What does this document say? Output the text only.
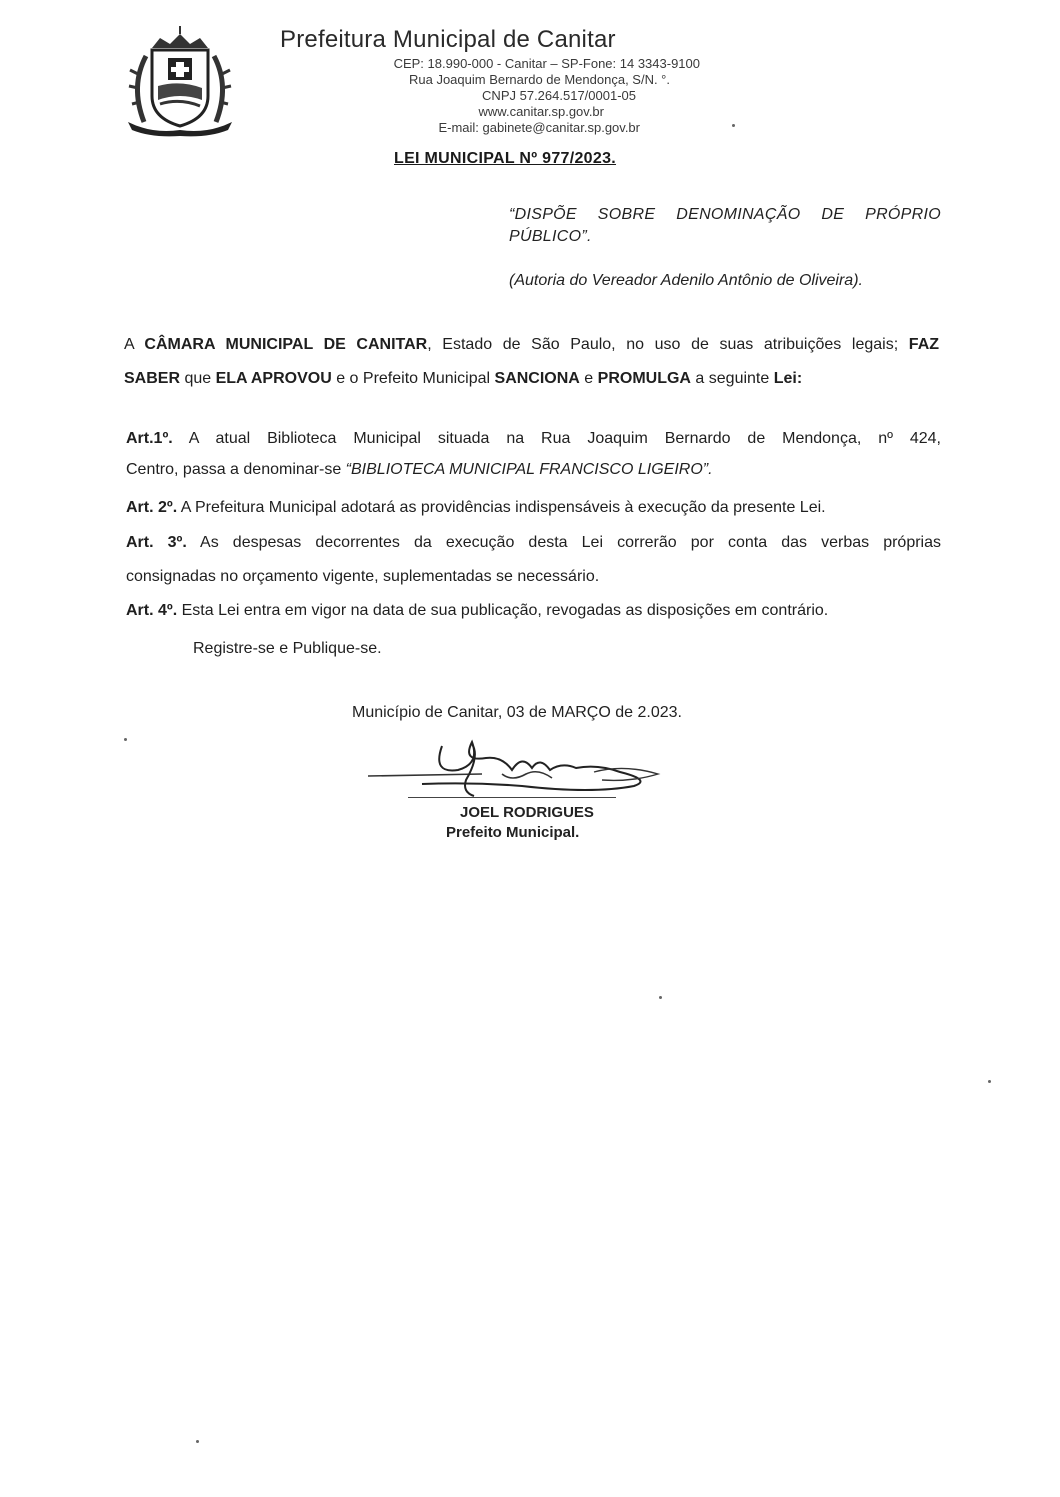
Prefeitura Municipal de Canitar
CEP: 18.990-000 - Canitar – SP-Fone: 14 3343-9100
Rua Joaquim Bernardo de Mendonça, S/N. °.
CNPJ 57.264.517/0001-05
www.canitar.sp.gov.br
E-mail: gabinete@canitar.sp.gov.br
LEI MUNICIPAL Nº 977/2023.
“DISPÕE SOBRE DENOMINAÇÃO DE PRÓPRIO
PÚBLICO”.
(Autoria do Vereador Adenilo Antônio de Oliveira).
A CÂMARA MUNICIPAL DE CANITAR, Estado de São Paulo, no uso de suas atribuições legais; FAZ
SABER que ELA APROVOU e o Prefeito Municipal SANCIONA e PROMULGA a seguinte Lei:
Art.1º. A atual Biblioteca Municipal situada na Rua Joaquim Bernardo de Mendonça, nº 424,
Centro, passa a denominar-se “BIBLIOTECA MUNICIPAL FRANCISCO LIGEIRO”.
Art. 2º. A Prefeitura Municipal adotará as providências indispensáveis à execução da presente Lei.
Art. 3º. As despesas decorrentes da execução desta Lei correrão por conta das verbas próprias
consignadas no orçamento vigente, suplementadas se necessário.
Art. 4º. Esta Lei entra em vigor na data de sua publicação, revogadas as disposições em contrário.
Registre-se e Publique-se.
Município de Canitar, 03 de MARÇO de 2.023.
JOEL RODRIGUES
Prefeito Municipal.
